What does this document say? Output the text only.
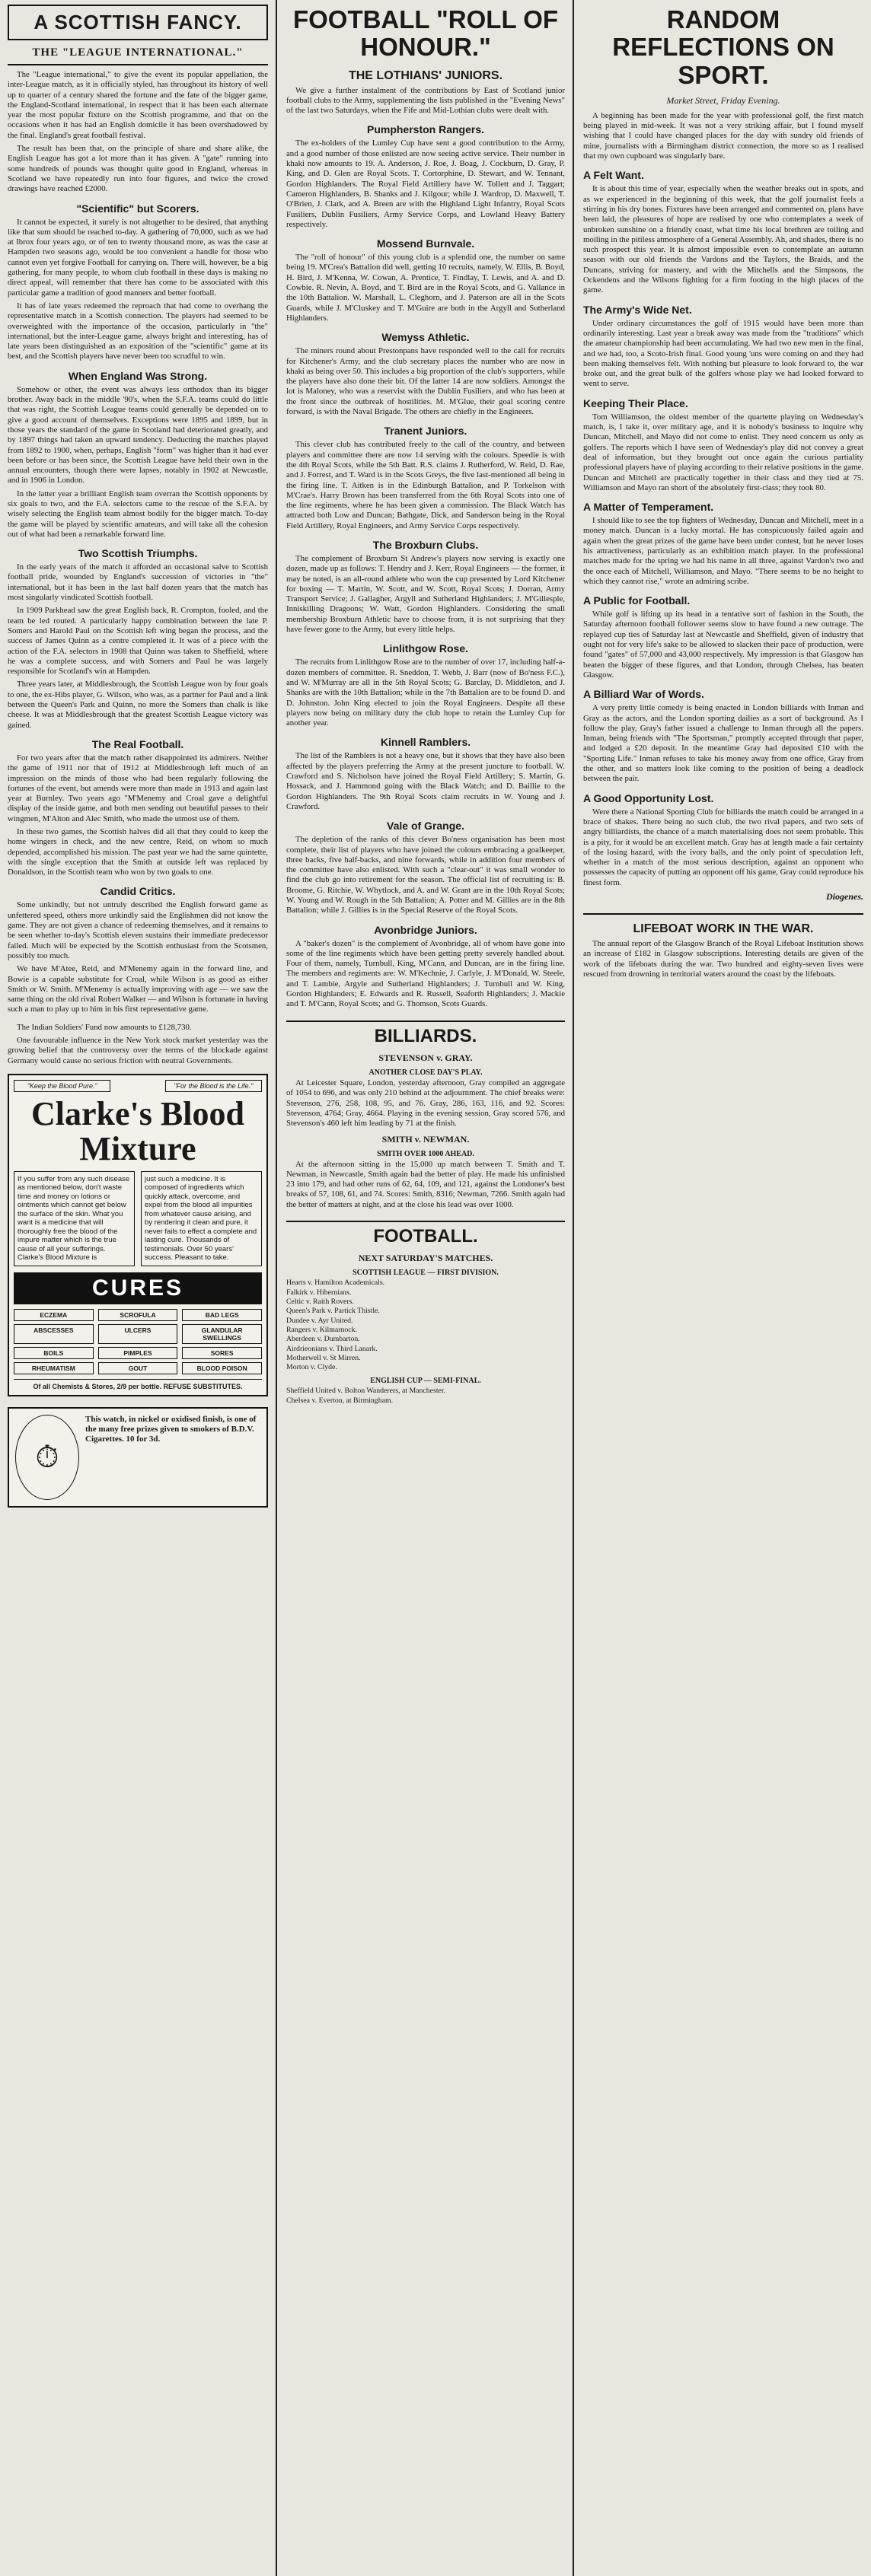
A SCOTTISH FANCY.
THE "LEAGUE INTERNATIONAL."

The "League international," to give the event its popular appellation, the inter-League match, as it is officially styled, has throughout its history of well up to quarter of a century shared the fortune and the fate of the bigger game, the England-Scotland international, in respect that it has been each alternate year the most popular fixture on the Scottish programme, and that on the occasions when it has had an English domicile it has been overshadowed by the final. England's great football festival.

The result has been that, on the principle of share and share alike, the English League has got a lot more than it has given. A "gate" running into some hundreds of pounds was thought quite good in England, whereas in Scotland we have repeatedly run into four figures, and twice the crowd drawings have reached £2000.

"Scientific" but Scorers.

It cannot be expected, it surely is not altogether to be desired, that anything like that sum should be reached to-day. A gathering of 70,000, such as we had at Ibrox four years ago, or of ten to twenty thousand more, as was the case at Hampden two seasons ago, would be too convenient a handle for those who cannot even yet forgive Football for carrying on. There will, however, be a big gathering, for many people, to whom club football in these days is making no direct appeal, will remember that there has come to be associated with this particular game a tradition of good manners and better football.

It has of late years redeemed the reproach that had come to overhang the representative match in a Scottish connection. The players had seemed to be overweighted with the importance of the occasion, particularly in "the" international, but the inter-League game, always bright and interesting, has of late years been distinguished as an exposition of the "scientific" game at its best, and the Scottish players have never been too scrudful to win.

When England Was Strong.

Somehow or other, the event was always less orthodox than its bigger brother. Away back in the middle '90's, when the S.F.A. teams could do little that was right, the Scottish League teams could generally be depended on to give a good account of themselves. Exceptions were 1895 and 1899, but in those years the standard of the game in Scotland had deteriorated greatly, and by 1897 things had taken an upward tendency. Deducting the matches played from 1892 to 1900, when, perhaps, English "form" was higher than it had ever been before or has been since, the Scottish League have held their own in the annual encounters, though there were lapses, notably in 1902 at Newcastle, and in 1906 in London.

In the latter year a brilliant English team overran the Scottish opponents by six goals to two, and the F.A. selectors came to the rescue of the S.F.A. by wisely selecting the English team almost bodily for the bigger match. To-day the game will be played by scientific amateurs, and will take all the cohesion out of what had been a remarkable forward line.

Two Scottish Triumphs.

In the early years of the match it afforded an occasional salve to Scottish football pride, wounded by England's succession of victories in "the" international, but it has been in the last half dozen years that the match has most singularly vindicated Scottish football.

In 1909 Parkhead saw the great English back, R. Crompton, fooled, and the team be led routed. A particularly happy combination between the late P. Somers and Harold Paul on the Scottish left wing began the process, and the success of James Quinn as a centre completed it. It was of a piece with the action of the F.A. selectors in 1908 that Quinn was taken to Sheffield, where he was a complete success, and with Somers and Paul he was largely responsible for Scotland's win at Hampden.

Three years later, at Middlesbrough, the Scottish League won by four goals to one, the ex-Hibs player, G. Wilson, who was, as a partner for Paul and a link between the Queen's Park and Quinn, no more the Somers than chalk is like cheese. It was at Middlesbrough that the greatest Scottish League victory was gained.

The Real Football.

For two years after that the match rather disappointed its admirers. Neither the game of 1911 nor that of 1912 at Middlesbrough left much of an impression on the minds of those who had been regularly following the fortunes of the event, but amends were more than made in 1913 and again last year at Burnley. Two years ago "M'Menemy and Croal gave a delightful display of the inside game, and both men sending out beautiful passes to their wingmen, M'Alton and Alec Smith, who made the utmost use of them.

In these two games, the Scottish halves did all that they could to keep the home wingers in check, and the new centre, Reid, on whom so much depended, accomplished his mission. The past year we had the same quintette, with the single exception that the Smith at outside left was replaced by Donaldson, in the Scottish team who won by two goals to one.

Candid Critics.

Some unkindly, but not untruly described the English forward game as unfettered speed, others more unkindly said the Englishmen did not know the game. They are not given a chance of redeeming themselves, and it remains to be seen whether to-day's Scottish eleven sustains their immediate predecessor failed. Much will be expected by the Scottish enthusiast from the Scotsmen, possibly too much.

We have M'Atee, Reid, and M'Menemy again in the forward line, and Bowie is a capable substitute for Croal, while Wilson is as good as either Smith or W. Smith. M'Menemy is actually improving with age — we saw the same thing on the old rival Robert Walker — and Wilson is fortunate in having such a man to play up to him in his first representative game.

The Indian Soldiers' Fund now amounts to £128,730.

One favourable influence in the New York stock market yesterday was the growing belief that the controversy over the terms of the blockade against Germany would cause no serious friction with neutral Governments.

"Keep the Blood Pure."	"For the Blood is the Life."
Clarke's Blood Mixture
If you suffer from any such disease as mentioned below, don't waste time and money on lotions or ointments which cannot get below the surface of the skin. What you want is a medicine that will thoroughly free the blood of the impure matter which is the true cause of all your sufferings. Clarke's Blood Mixture is
just such a medicine. It is composed of ingredients which quickly attack, overcome, and expel from the blood all impurities from whatever cause arising, and by rendering it clean and pure, it never fails to effect a complete and lasting cure. Thousands of testimonials. Over 50 years' success. Pleasant to take.
CURES
ECZEMA	SCROFULA	BAD LEGS
ABSCESSES	ULCERS	GLANDULAR SWELLINGS
BOILS	PIMPLES	SORES
RHEUMATISM	GOUT	BLOOD POISON
Of all Chemists & Stores, 2/9 per bottle. REFUSE SUBSTITUTES.
⏱
This watch, in nickel or oxidised finish, is one of the many free prizes given to smokers of B.D.V. Cigarettes. 10 for 3d.
FOOTBALL "ROLL OF HONOUR."
THE LOTHIANS' JUNIORS.

We give a further instalment of the contributions by East of Scotland junior football clubs to the Army, supplementing the lists published in the "Evening News" of the last two Saturdays, when the Fife and Mid-Lothian clubs were dealt with.

Pumpherston Rangers.

The ex-holders of the Lumley Cup have sent a good contribution to the Army, and a good number of those enlisted are now seeing active service. Their number in khaki now amounts to 19. A. Anderson, J. Roe, J. Boag, J. Cockburn, D. Gray, P. King, and D. Glen are Royal Scots. T. Cortorphine, D. Stewart, and W. Tennant, Gordon Highlanders. The Royal Field Artillery have W. Tollett and J. Taggart; Cameron Highlanders, B. Shanks and J. Kilgour; while J. Wardrop, D. Maxwell, T. O'Brien, J. Clark, and A. Breen are with the Highland Light Infantry, Royal Scots Fusiliers, Dublin Fusiliers, Army Service Corps, and Lowland Heavy Battery respectively.

Mossend Burnvale.

The "roll of honour" of this young club is a splendid one, the number on same being 19. M'Crea's Battalion did well, getting 10 recruits, namely, W. Ellis, B. Boyd, H. Bird, J. M'Kenna, W. Cowan, A. Prentice, T. Findlay, T. Lewis, and A. and D. Cowbie. R. Nevin, A. Boyd, and T. Bird are in the Royal Scots, and G. Vallance in the 10th Battalion. W. Marshall, L. Cleghorn, and J. Paterson are all in the Scots Guards, while J. M'Cluskey and T. M'Guire are both in the Argyll and Sutherland Highlanders.

Wemyss Athletic.

The miners round about Prestonpans have responded well to the call for recruits for Kitchener's Army, and the club secretary places the number who are now in khaki as being over 50. This includes a big proportion of the club's supporters, while the players have also done their bit. Of the latter 14 are now soldiers. Amongst the lot is Maloney, who was a reservist with the Dublin Fusiliers, and who has been at the front since the outbreak of hostilities. M. M'Glue, their goal scoring centre forward, is with the Naval Brigade. The others are chiefly in the Engineers.

Tranent Juniors.

This clever club has contributed freely to the call of the country, and between players and committee there are now 14 serving with the colours. Speedie is with the 4th Royal Scots, while the 5th Batt. R.S. claims J. Rutherford, W. Reid, D. Rae, and J. Forrest, and T. Ward is in the Scots Greys, the five last-mentioned all being in the firing line. T. Aitken is in the Edinburgh Battalion, and P. Torkelson with M'Crae's. Harry Brown has been transferred from the 6th Royal Scots into one of the line regiments, where he has been given a commission. The Black Watch has attracted both Low and Duncan; Bathgate, Dick, and Sanderson being in the Royal Field Artillery, Royal Engineers, and Army Service Corps respectively.

The Broxburn Clubs.

The complement of Broxburn St Andrew's players now serving is exactly one dozen, made up as follows: T. Hendry and J. Kerr, Royal Engineers — the former, it may be noted, is an all-round athlete who won the cup presented by Lord Kitchener for boxing — T. Martin, W. Scott, and W. Scott, Royal Scots; J. Dorran, Army Transport Service; J. Gallagher, Argyll and Sutherland Highlanders; J. M'Gillesple, Inniskilling Dragoons; W. Watt, Gordon Highlanders. Considering the small membership Broxburn Athletic have to choose from, it is not surprising that they have fewer gone to the Army, but every little helps.

Linlithgow Rose.

The recruits from Linlithgow Rose are to the number of over 17, including half-a-dozen members of committee. R. Sneddon, T. Webb, J. Barr (now of Bo'ness F.C.), and W. M'Murray are all in the 5th Royal Scots; G. Barclay, D. Middleton, and J. Shanks are with the 10th Battalion; while in the 7th Battalion are to be found D. and D. Johnston. John King elected to join the Royal Engineers. Despite all these players now being on military duty the club hope to retain the Lumley Cup for another year.

Kinnell Ramblers.

The list of the Ramblers is not a heavy one, but it shows that they have also been affected by the players preferring the Army at the present juncture to football. W. Crawford and S. Nicholson have joined the Royal Field Artillery; S. Martin, G. Hossack, and J. Hammond going with the Black Watch; and D. Baillie to the Gordon Highlanders. The 9th Royal Scots claim recruits in W. Young and J. Crawford.

Vale of Grange.

The depletion of the ranks of this clever Bo'ness organisation has been most complete, their list of players who have joined the colours embracing a goalkeeper, three backs, five half-backs, and nine forwards, while in addition four members of the committee have also enlisted. With such a "clear-out" it was small wonder to find the club go into retirement for the season. The official list of recruiting is: B. Broome, G. Ritchie, W. Whytlock, and A. and W. Grant are in the 10th Royal Scots; W. Young and W. Rough in the 5th Battalion; A. Potter and M. Gillies are in the 8th Battalion; while J. Gillies is in the Special Reserve of the Royal Scots.

Avonbridge Juniors.

A "baker's dozen" is the complement of Avonbridge, all of whom have gone into some of the line regiments which have been getting pretty severely handled about. Four of them, namely, Turnbull, King, M'Cann, and Duncan, are in the firing line. The members and regiments are: W. M'Kechnie, J. Carlyle, J. M'Donald, W. Steele, and T. Lambie, Argyle and Sutherland Highlanders; J. Turnbull and W. King, Gordon Highlanders; E. Edwards and R. Russell, Seaforth Highlanders; J. Mackie and T. M'Cann, Royal Scots; and G. Thomson, Scots Guards.

BILLIARDS.
STEVENSON v. GRAY.
ANOTHER CLOSE DAY'S PLAY.

At Leicester Square, London, yesterday afternoon, Gray compiled an aggregate of 1054 to 696, and was only 210 behind at the adjournment. The chief breaks were: Stevenson, 276, 258, 108, 95, and 76. Gray, 286, 163, 116, and 92. Scores: Stevenson, 4764; Gray, 4664. Playing in the evening session, Gray scored 576, and Stevenson's 460 left him leading by 71 at the finish.

SMITH v. NEWMAN.
SMITH OVER 1000 AHEAD.

At the afternoon sitting in the 15,000 up match between T. Smith and T. Newman, in Newcastle, Smith again had the better of play. He made his unfinished 23 into 179, and had other runs of 62, 64, 109, and 121, against the Londoner's best breaks of 57, 108, 61, and 74. Scores: Smith, 8316; Newman, 7266. Smith again had the better of matters at night, and at the close his lead was over 1000.

FOOTBALL.
NEXT SATURDAY'S MATCHES.
SCOTTISH LEAGUE — FIRST DIVISION.
Hearts v. Hamilton Academicals.
Falkirk v. Hibernians.
Celtic v. Raith Rovers.
Queen's Park v. Partick Thistle.
Dundee v. Ayr United.
Rangers v. Kilmarnock.
Aberdeen v. Dumbarton.
Airdrieonians v. Third Lanark.
Motherwell v. St Mirren.
Morton v. Clyde.
ENGLISH CUP — SEMI-FINAL.
Sheffield United v. Bolton Wanderers, at Manchester.
Chelsea v. Everton, at Birmingham.
RANDOM REFLECTIONS ON SPORT.
Market Street, Friday Evening.

A beginning has been made for the year with professional golf, the first match being played in mid-week. It was not a very striking affair, but I found myself wishing that I could have changed places for the day with sundry old friends of mine, journalists with a Birmingham district connection, the more so as I realised that my own cupboard was singularly bare.

A Felt Want.

It is about this time of year, especially when the weather breaks out in spots, and as we experienced in the beginning of this week, that the golf journalist feels a stirring in his dry bones. Fixtures have been arranged and commented on, plans have been laid, the pleasures of hope are realised by one who contemplates a week of unbroken sunshine on a friendly coast, what time his local brethren are toiling and moiling in the pitiless atmosphere of a General Assembly. Ah, and shades, there is no such prospect this year. It is almost impossible even to contemplate an autumn season with our old friends the Vardons and the Taylors, the Braids, and the Duncans, striving for mastery, and with the Mitchells and the Simpsons, the Ockendens and the Wilsons fighting for a firm footing in the high places of the game.

The Army's Wide Net.

Under ordinary circumstances the golf of 1915 would have been more than ordinarily interesting. Last year a break away was made from the "traditions" which the amateur championship had been accumulating. We had two new men in the final, and we had, too, a Scoto-Irish final. Good young 'uns were coming on and they had been making themselves felt. With nothing but pleasure to look forward to, the war broke out, and the great bulk of the golfers whose play we had looked forward to went to serve.

Keeping Their Place.

Tom Williamson, the oldest member of the quartette playing on Wednesday's match, is, I take it, over military age, and it is nobody's business to inquire why Duncan, Mitchell, and Mayo did not come to enlist. They need concern us only as golfers. The reports which I have seen of Wednesday's play did not convey a great deal of information, but they brought out once again the curious partiality professional players have of playing according to their relative positions in the game. Duncan and Mitchell are practically together in their class and they tied at 75. Williamson and Mayo ran short of the absolutely first-class; they took 80.

A Matter of Temperament.

I should like to see the top fighters of Wednesday, Duncan and Mitchell, meet in a money match. Duncan is a lucky mortal. He has conspicuously failed again and again when the great prizes of the game have been under contest, but he never loses his attractiveness, particularly as an exhibition match player. In the professional matches made for the spring we had his name in all three, against Vardon's two and the once each of Mitchell, Williamson, and Mayo. "There seems to be no height to which they cannot rise," wrote an admiring scribe.

A Public for Football.

While golf is lifting up its head in a tentative sort of fashion in the South, the Saturday afternoon football follower seems slow to have found a new outrage. The replayed cup ties of Saturday last at Newcastle and Sheffield, given of industry that ought not for very life's sake to be allowed to slacken their pace of production, were found "gates" of 57,000 and 43,000 respectively. My impression is that Glasgow has beaten the bigger of these figures, and that London, through Chelsea, has beaten Glasgow.

A Billiard War of Words.

A very pretty little comedy is being enacted in London billiards with Inman and Gray as the actors, and the London sporting dailies as a sort of background. As I follow the play, Gray's father issued a challenge to Inman through all the papers. Inman, being friends with "The Sportsman," promptly accepted through that paper, and lodged a £20 deposit. In the meantime Gray had deposited £10 with the "Sporting Life." Inman refuses to take his money away from one office, Gray from the other, and so matters look like coming to the position of being a deadlock between the pair.

A Good Opportunity Lost.

Were there a National Sporting Club for billiards the match could be arranged in a brace of shakes. There being no such club, the two rival papers, and two sets of angry billiardists, the chance of a match materialising does not seem probable. This is a pity, for it would be an excellent match. Gray has at length made a fair certainty of the losing hazard, with the ivory balls, and the only point of speculation left, whether in a match of the most serious description, against an opponent who possesses the capacity of putting an opponent off his game, Gray could reproduce his finest form.

Diogenes.
LIFEBOAT WORK IN THE WAR.

The annual report of the Glasgow Branch of the Royal Lifeboat Institution shows an increase of £182 in Glasgow subscriptions. Interesting details are given of the work of the lifeboats during the war. Two hundred and eighty-seven lives were rescued from drowning in territorial waters around the coast by the lifeboats.
